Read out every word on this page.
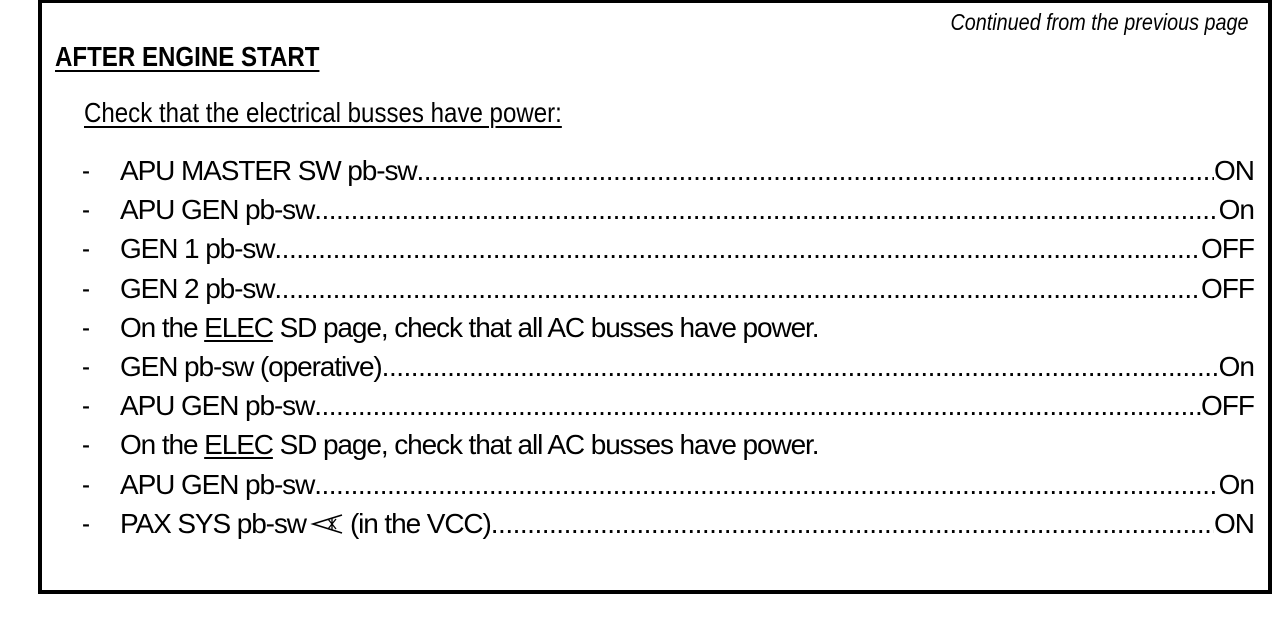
Continued from the previous page
AFTER ENGINE START
Check that the electrical busses have power:
-	APU MASTER SW pb-sw .....	ON
-	APU GEN pb-sw .....	On
-	GEN 1 pb-sw .....	OFF
-	GEN 2 pb-sw .....	OFF
-	On the ELEC SD page, check that all AC busses have power.
-	GEN pb-sw (operative) .....	On
-	APU GEN pb-sw .....	OFF
-	On the ELEC SD page, check that all AC busses have power.
-	APU GEN pb-sw .....	On
-	PAX SYS pb-sw (in the VCC) .....	ON
